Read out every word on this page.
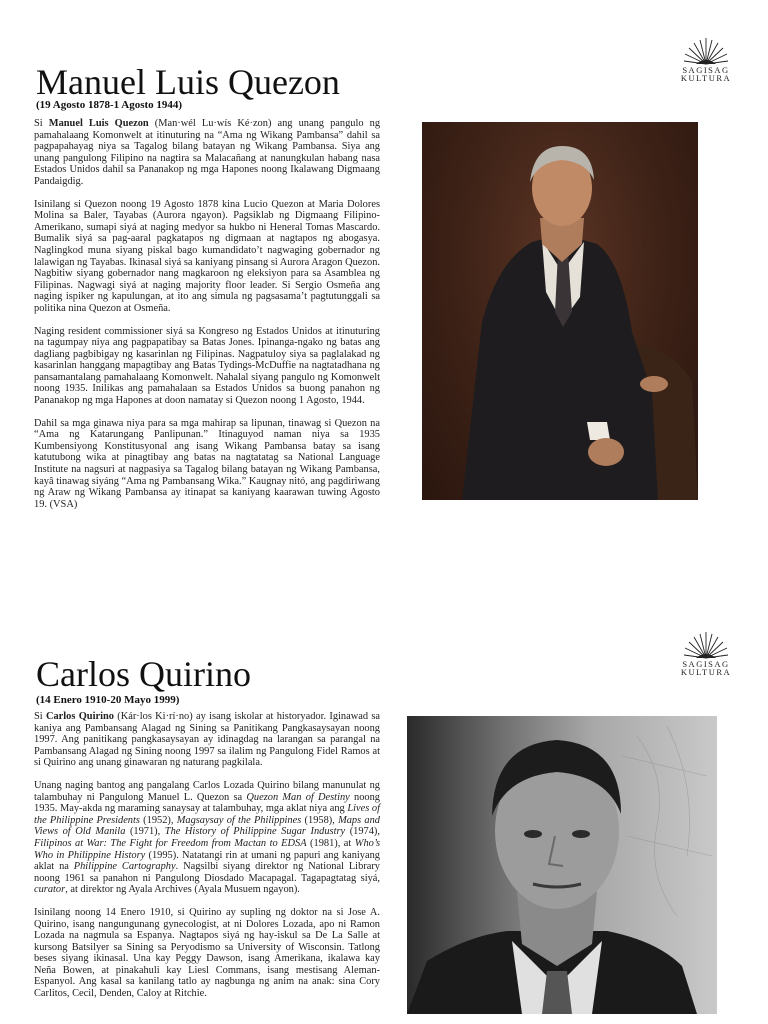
SAGISAG
KULTURA
Manuel Luis Quezon
(19 Agosto 1878-1 Agosto 1944)

Si Manuel Luis Quezon (Man·wél Lu·wís Ké·zon) ang unang pangulo ng pamahalaang Komonwelt at itinuturing na “Ama ng Wikang Pambansa” dahil sa pagpapahayag niya sa Tagalog bilang batayan ng Wikang Pambansa. Siya ang unang pangulong Filipino na nagtira sa Malacañang at nanungkulan habang nasa Estados Unidos dahil sa Pananakop ng mga Hapones noong Ikalawang Digmaang Pandaigdig.

Isinilang si Quezon noong 19 Agosto 1878 kina Lucio Quezon at Maria Dolores Molina sa Baler, Tayabas (Aurora ngayon). Pagsiklab ng Digmaang Filipino-Amerikano, sumapi siyá at naging medyor sa hukbo ni Heneral Tomas Mascardo. Bumalik siyá sa pag-aaral pagkatapos ng digmaan at nagtapos ng abogasya. Naglingkod muna siyang piskal bago kumandidato’t nagwaging gobernador ng lalawigan ng Tayabas. Ikinasal siyá sa kaniyang pinsang si Aurora Aragon Quezon. Nagbitiw siyang gobernador nang magkaroon ng eleksiyon para sa Asamblea ng Filipinas. Nagwagi siyá at naging majority floor leader. Si Sergio Osmeña ang naging ispiker ng kapulungan, at ito ang simula ng pagsasama’t pagtutunggali sa politika nina Quezon at Osmeña.

Naging resident commissioner siyá sa Kongreso ng Estados Unidos at itinuturing na tagumpay niya ang pagpapatibay sa Batas Jones. Ipinanga-ngako ng batas ang dagliang pagbibigay ng kasarinlan ng Filipinas. Nagpatuloy siya sa paglalakad ng kasarinlan hanggang mapagtibay ang Batas Tydings-McDuffie na nagtatadhana ng pansamantalang pamahalaang Komonwelt. Nahalal siyang pangulo ng Komonwelt noong 1935. Inilikas ang pamahalaan sa Estados Unidos sa buong panahon ng Pananakop ng mga Hapones at doon namatay si Quezon noong 1 Agosto, 1944.

Dahil sa mga ginawa niya para sa mga mahirap sa lipunan, tinawag si Quezon na “Ama ng Katarungang Panlipunan.” Itinaguyod naman niya sa 1935 Kumbensiyong Konstitusyonal ang isang Wikang Pambansa batay sa isang katutubong wika at pinagtibay ang batas na nagtatatag sa National Language Institute na nagsuri at nagpasiya sa Tagalog bilang batayan ng Wikang Pambansa, kayâ tinawag siyáng “Ama ng Pambansang Wika.” Kaugnay nitó, ang pagdiriwang ng Araw ng Wikang Pambansa ay itinapat sa kaniyang kaarawan tuwing Agosto 19. (VSA)

SAGISAG
KULTURA
Carlos Quirino
(14 Enero 1910-20 Mayo 1999)

Si Carlos Quirino (Kár·los Ki·rí·no) ay isang iskolar at historyador. Iginawad sa kaniya ang Pambansang Alagad ng Sining sa Panitikang Pangkasaysayan noong 1997. Ang panitikang pangkasaysayan ay idinagdag na larangan sa parangal na Pambansang Alagad ng Sining noong 1997 sa ilalim ng Pangulong Fidel Ramos at si Quirino ang unang ginawaran ng naturang pagkilala.

Unang naging bantog ang pangalang Carlos Lozada Quirino bilang manunulat ng talambuhay ni Pangulong Manuel L. Quezon sa Quezon Man of Destiny noong 1935. May-akda ng maraming sanaysay at talambuhay, mga aklat niya ang Lives of the Philippine Presidents (1952), Magsaysay of the Philippines (1958), Maps and Views of Old Manila (1971), The History of Philippine Sugar Industry (1974), Filipinos at War: The Fight for Freedom from Mactan to EDSA (1981), at Who’s Who in Philippine History (1995). Natatangi rin at umani ng papuri ang kaniyang aklat na Philippine Cartography. Nagsilbi siyang direktor ng National Library noong 1961 sa panahon ni Pangulong Diosdado Macapagal. Tagapagtatag siyá, curator, at direktor ng Ayala Archives (Ayala Musuem ngayon).

Isinilang noong 14 Enero 1910, si Quirino ay supling ng doktor na si Jose A. Quirino, isang nangungunang gynecologist, at ni Dolores Lozada, apo ni Ramon Lozada na nagmula sa Espanya. Nagtapos siyá ng hay-iskul sa De La Salle at kursong Batsilyer sa Sining sa Peryodismo sa University of Wisconsin. Tatlong beses siyang ikinasal. Una kay Peggy Dawson, isang Amerikana, ikalawa kay Neña Bowen, at pinakahuli kay Liesl Commans, isang mestisang Aleman-Espanyol. Ang kasal sa kanilang tatlo ay nagbunga ng anim na anak: sina Cory Carlitos, Cecil, Denden, Caloy at Ritchie.
